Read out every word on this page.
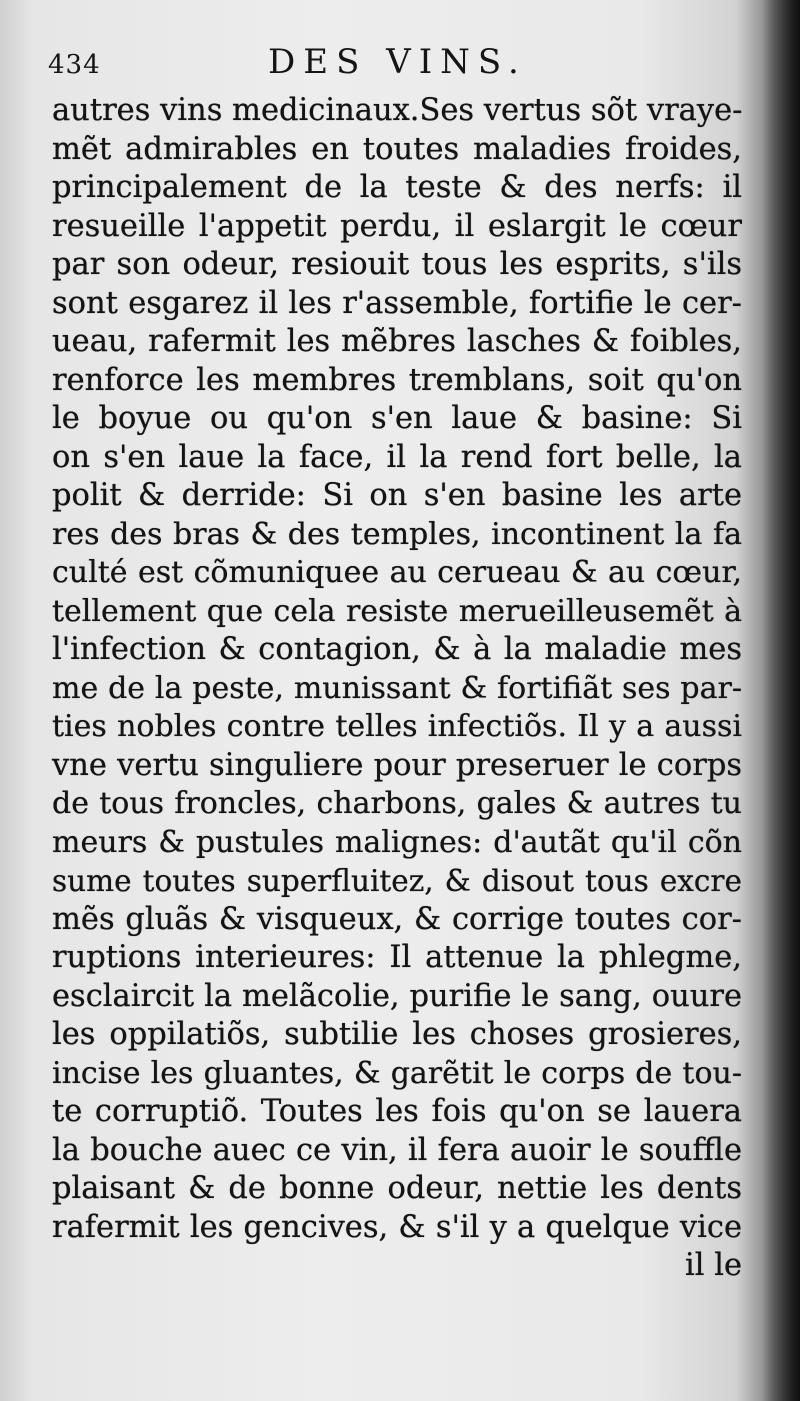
434	DES VINS.
autres vins medicinaux.Ses vertus sõt vraye-
mẽt admirables en toutes maladies froides,
principalement de la teste & des nerfs: il
resueille l'appetit perdu, il eslargit le cœur
par son odeur, resiouit tous les esprits, s'ils
sont esgarez il les r'assemble, fortifie le cer-
ueau, rafermit les mẽbres lasches & foibles,
renforce les membres tremblans, soit qu'on
le boyue ou qu'on s'en laue & basine: Si
on s'en laue la face, il la rend fort belle, la
polit & derride: Si on s'en basine les arte
res des bras & des temples, incontinent la fa
culté est cõmuniquee au cerueau & au cœur,
tellement que cela resiste merueilleusemẽt à
l'infection & contagion, & à la maladie mes
me de la peste, munissant & fortifiãt ses par-
ties nobles contre telles infectiõs. Il y a aussi
vne vertu singuliere pour preseruer le corps
de tous froncles, charbons, gales & autres tu
meurs & pustules malignes: d'autãt qu'il cõn
sume toutes superfluitez, & disout tous excre
mẽs gluãs & visqueux, & corrige toutes cor-
ruptions interieures: Il attenue la phlegme,
esclaircit la melãcolie, purifie le sang, ouure
les oppilatiõs, subtilie les choses grosieres,
incise les gluantes, & garẽtit le corps de tou-
te corruptiõ. Toutes les fois qu'on se lauera
la bouche auec ce vin, il fera auoir le souffle
plaisant & de bonne odeur, nettie les dents
rafermit les gencives, & s'il y a quelque vice
il le
